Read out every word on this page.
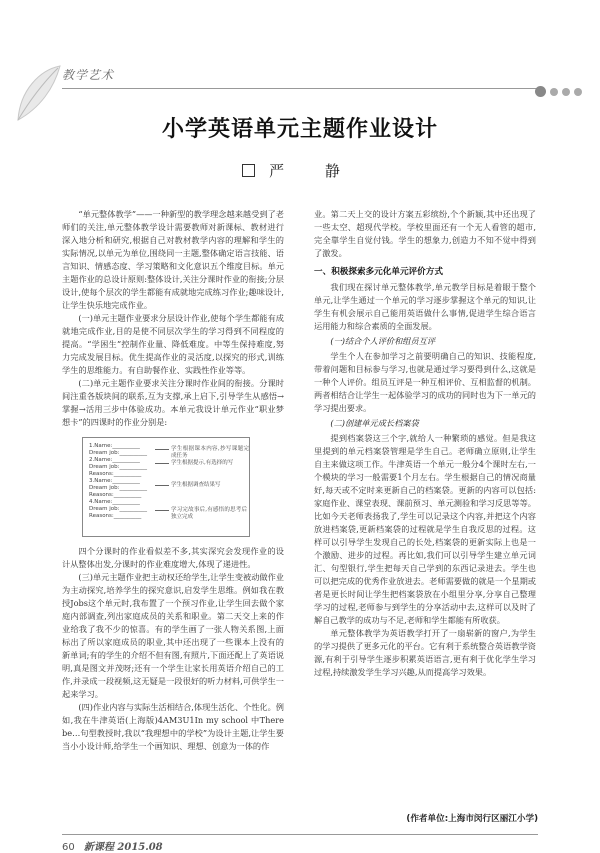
教学艺术
小学英语单元主题作业设计
严 静

“单元整体教学”——一种新型的教学理念越来越受到了老师们的关注,单元整体教学设计需要教师对新课标、教材进行深入地分析和研究,根据自己对教材教学内容的理解和学生的实际情况,以单元为单位,围绕同一主题,整体确定语言技能、语言知识、情感态度、学习策略和文化意识五个维度目标。单元主题作业的总设计原则:整体设计,关注分课时作业的衔接;分层设计,使每个层次的学生都能有成就地完成练习作业;趣味设计,让学生快乐地完成作业。

(一)单元主题作业要求分层设计作业,使每个学生都能有成就地完成作业,目的是使不同层次学生的学习得到不同程度的提高。“学困生”控制作业量、降低难度。中等生保持难度,努力完成发展目标。优生提高作业的灵活度,以探究的形式,训练学生的思维能力。有自助餐作业、实践性作业等等。

(二)单元主题作业要求关注分课时作业间的衔接。分课时间注重各版块间的联系,互为支撑,承上启下,引导学生从感悟→掌握→活用三步中体验成功。本单元我设计单元作业“职业梦想卡”的四课时的作业分别是:

1.Name:__________
Dream job:__________
2.Name:__________
Dream job:__________
Reasons:__________
3.Name:__________
Dream job:__________
Reasons:__________
4.Name:__________
Dream job:__________
Reasons:__________
学生根据课本内容,抄写课题完成任务
学生根据提示,有选择的写
学生根据调查结果写
学习完故事后,有感悟的思考后独立完成

四个分课时的作业看似差不多,其实深究会发现作业的设计从整体出发,分课时的作业难度增大,体现了递进性。

(三)单元主题作业把主动权还给学生,让学生变被动做作业为主动探究,培养学生的探究意识,启发学生思维。例如我在教授Jobs这个单元时,我布置了一个预习作业,让学生回去做个家庭内部调查,列出家庭成员的关系和职业。第二天交上来的作业给我了我不少的惊喜。有的学生画了一张人物关系图,上面标出了所以家庭成员的职业,其中还出现了一些课本上没有的新单词;有的学生的介绍不但有图,有照片,下面还配上了英语说明,真是图文并茂呀;还有一个学生让家长用英语介绍自己的工作,并录成一段视频,这无疑是一段很好的听力材料,可供学生一起来学习。

(四)作业内容与实际生活相结合,体现生活化、个性化。例如,我在牛津英语(上海版)4AM3U1In my school 中There be…句型教授时,我以“我理想中的学校”为设计主题,让学生要当小小设计师,给学生一个画知识、理想、创意为一体的作

业。第二天上交的设计方案五彩缤纷,个个新颖,其中还出现了一些太空、超现代学校。学校里面还有一个无人看管的超市,完全靠学生自觉付钱。学生的想象力,创造力不知不觉中得到了激发。

一、积极探索多元化单元评价方式

我们现在探讨单元整体教学,单元教学目标是着眼于整个单元,让学生通过一个单元的学习逐步掌握这个单元的知识,让学生有机会展示自己能用英语做什么事情,促进学生综合语言运用能力和综合素质的全面发展。

(一)结合个人评价和组员互评

学生个人在参加学习之前要明确自己的知识、技能程度,带着问题和目标参与学习,也就是通过学习要得到什么,这就是一种个人评价。组员互评是一种互相评价、互相监督的机制。两者相结合让学生一起体验学习的成功的同时也为下一单元的学习提出要求。

(二)创建单元成长档案袋

提到档案袋这三个字,就给人一种繁琐的感觉。但是我这里提到的单元档案袋管理是学生自己。老师确立原则,让学生自主来做这项工作。牛津英语一个单元一般分4个课时左右,一个模块的学习一般需要1个月左右。学生根据自己的情况商量好,每天或不定时来更新自己的档案袋。更新的内容可以包括:家庭作业、课堂表现、课前预习、单元测验和学习反思等等。比如今天老师表扬我了,学生可以记录这个内容,并把这个内容放进档案袋,更新档案袋的过程就是学生自我反思的过程。这样可以引导学生发现自己的长处,档案袋的更新实际上也是一个激励、进步的过程。再比如,我们可以引导学生建立单元词汇、句型银行,学生把每天自己学到的东西记录进去。学生也可以把完成的优秀作业放进去。老师需要做的就是一个星期或者是更长时间让学生把档案袋放在小组里分享,分享自己整理学习的过程,老师参与到学生的分享活动中去,这样可以及时了解自己教学的成功与不足,老师和学生都能有所收获。

单元整体教学为英语教学打开了一扇崭新的窗户,为学生的学习提供了更多元化的平台。它有利于系统整合英语教学资源,有利于引导学生逐步积累英语语言,更有利于优化学生学习过程,持续激发学生学习兴趣,从而提高学习效果。

(作者单位:上海市闵行区丽江小学)
60 新课程 2015.08
